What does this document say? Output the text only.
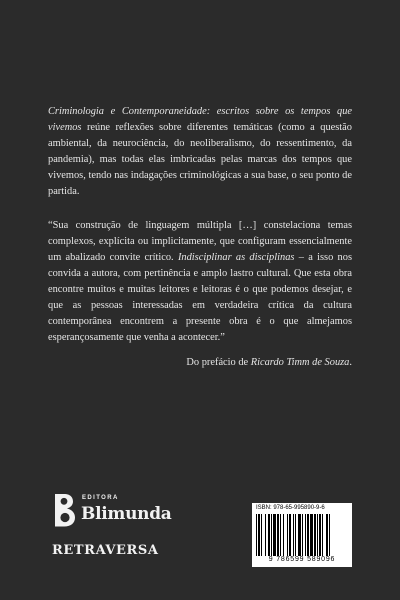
Criminologia e Contemporaneidade: escritos sobre os tempos que vivemos reúne reflexões sobre diferentes temáticas (como a questão ambiental, da neurociência, do neoliberalismo, do ressentimento, da pandemia), mas todas elas imbricadas pelas marcas dos tempos que vivemos, tendo nas indagações criminológicas a sua base, o seu ponto de partida.

“Sua construção de linguagem múltipla […] constelaciona temas complexos, explícita ou implicitamente, que configuram essencialmente um abalizado convite crítico. Indisciplinar as disciplinas – a isso nos convida a autora, com pertinência e amplo lastro cultural. Que esta obra encontre muitos e muitas leitores e leitoras é o que podemos desejar, e que as pessoas interessadas em verdadeira crítica da cultura contemporânea encontrem a presente obra é o que almejamos esperançosamente que venha a acontecer.”

Do prefácio de Ricardo Timm de Souza.

EDITORA
Blimunda
RETRAVERSA
ISBN: 978-65-995890-9-6
9 786599 589096
